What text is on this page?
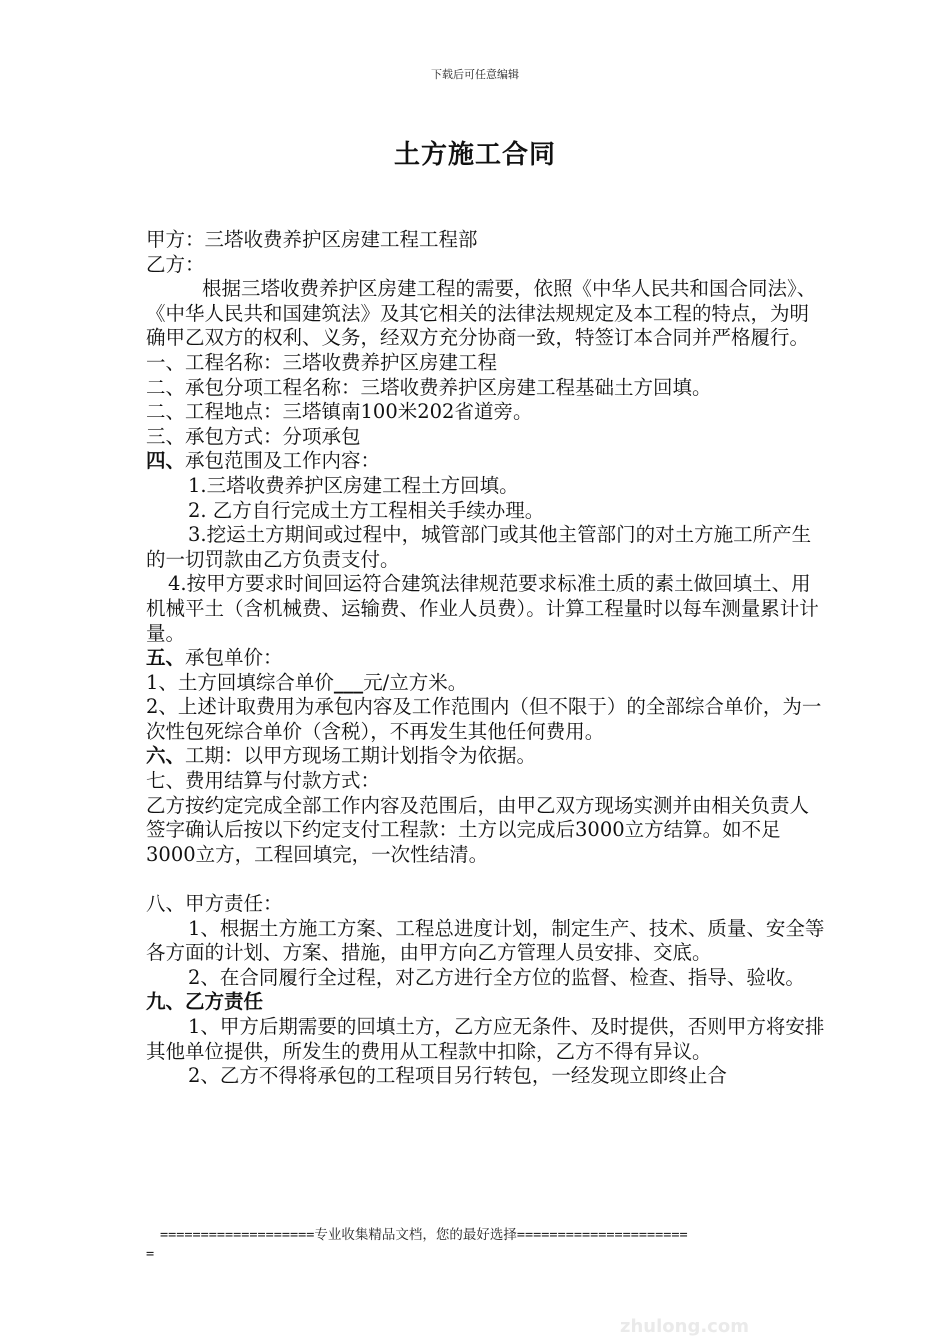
下载后可任意编辑
土方施工合同

甲方：三塔收费养护区房建工程工程部

乙方：

根据三塔收费养护区房建工程的需要，依照《中华人民共和国合同法》、《中华人民共和国建筑法》及其它相关的法律法规规定及本工程的特点，为明确甲乙双方的权利、义务，经双方充分协商一致，特签订本合同并严格履行。

一、工程名称：三塔收费养护区房建工程

二、承包分项工程名称：三塔收费养护区房建工程基础土方回填。

二、工程地点：三塔镇南100米202省道旁。

三、承包方式：分项承包

四、承包范围及工作内容：

1.三塔收费养护区房建工程土方回填。

2. 乙方自行完成土方工程相关手续办理。

3.挖运土方期间或过程中，城管部门或其他主管部门的对土方施工所产生的一切罚款由乙方负责支付。

4.按甲方要求时间回运符合建筑法律规范要求标准土质的素土做回填土、用机械平土（含机械费、运输费、作业人员费）。计算工程量时以每车测量累计计量。

五、承包单价：

1、土方回填综合单价___元/立方米。

2、上述计取费用为承包内容及工作范围内（但不限于）的全部综合单价，为一次性包死综合单价（含税），不再发生其他任何费用。

六、工期：以甲方现场工期计划指令为依据。

七、费用结算与付款方式：

乙方按约定完成全部工作内容及范围后，由甲乙双方现场实测并由相关负责人签字确认后按以下约定支付工程款：土方以完成后3000立方结算。如不足3000立方，工程回填完，一次性结清。

八、甲方责任：

1、根据土方施工方案、工程总进度计划，制定生产、技术、质量、安全等各方面的计划、方案、措施，由甲方向乙方管理人员安排、交底。

2、在合同履行全过程，对乙方进行全方位的监督、检查、指导、验收。

九、乙方责任

1、甲方后期需要的回填土方，乙方应无条件、及时提供，否则甲方将安排其他单位提供，所发生的费用从工程款中扣除，乙方不得有异议。

2、乙方不得将承包的工程项目另行转包，一经发现立即终止合

===================专业收集精品文档，您的最好选择=====================
=
zhulong.com
